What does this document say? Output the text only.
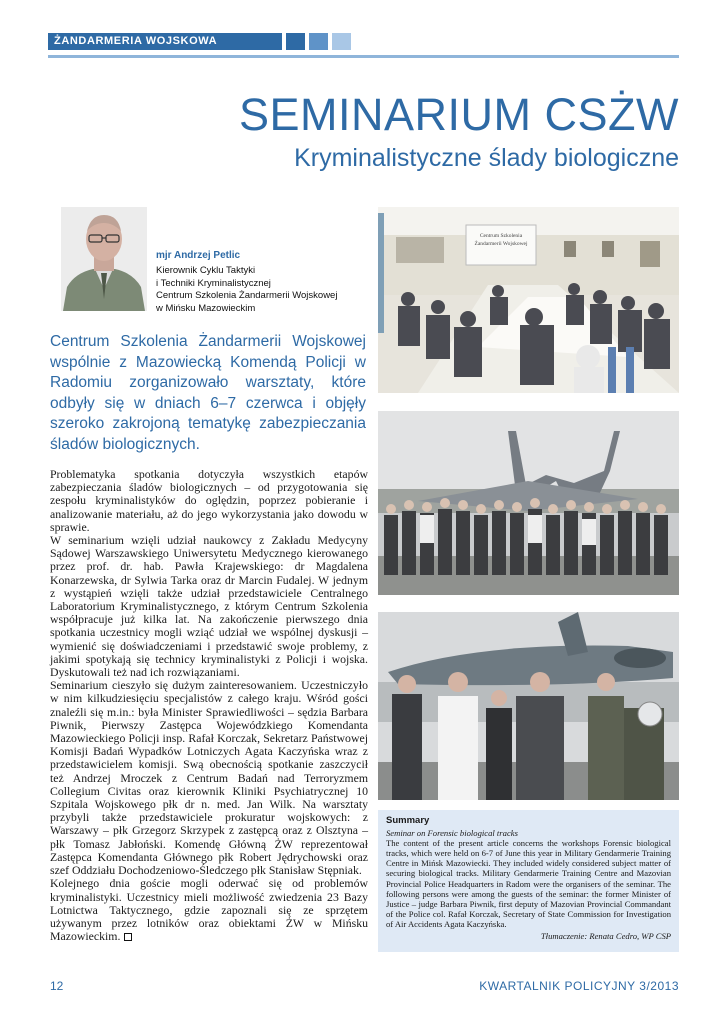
ŻANDARMERIA WOJSKOWA
SEMINARIUM CSŻW
Kryminalistyczne ślady biologiczne
mjr Andrzej Petlic
Kierownik Cyklu Taktyki
i Techniki Kryminalistycznej
Centrum Szkolenia Żandarmerii Wojskowej
w Mińsku Mazowieckim
Centrum Szkolenia Żandarmerii Wojskowej wspólnie z Mazowiecką Komendą Policji w Radomiu zorganizowało warsztaty, które odbyły się w dniach 6–7 czerwca i objęły szeroko zakrojoną tematykę zabezpieczania śladów biologicznych.

Problematyka spotkania dotyczyła wszystkich etapów zabezpieczania śladów biologicznych – od przygotowania się zespołu kryminalistyków do oględzin, poprzez pobieranie i analizowanie materiału, aż do jego wykorzystania jako dowodu w sprawie.

W seminarium wzięli udział naukowcy z Zakładu Medycyny Sądowej Warszawskiego Uniwersytetu Medycznego kierowanego przez prof. dr. hab. Pawła Krajewskiego: dr Magdalena Konarzewska, dr Sylwia Tarka oraz dr Marcin Fudalej. W jednym z wystąpień wzięli także udział przedstawiciele Centralnego Laboratorium Kryminalistycznego, z którym Centrum Szkolenia współpracuje już kilka lat. Na zakończenie pierwszego dnia spotkania uczestnicy mogli wziąć udział we wspólnej dyskusji – wymienić się doświadczeniami i przedstawić swoje problemy, z jakimi spotykają się technicy kryminalistyki z Policji i wojska. Dyskutowali też nad ich rozwiązaniami.

Seminarium cieszyło się dużym zainteresowaniem. Uczestniczyło w nim kilkudziesięciu specjalistów z całego kraju. Wśród gości znaleźli się m.in.: była Minister Sprawiedliwości – sędzia Barbara Piwnik, Pierwszy Zastępca Wojewódzkiego Komendanta Mazowieckiego Policji insp. Rafał Korczak, Sekretarz Państwowej Komisji Badań Wypadków Lotniczych Agata Kaczyńska wraz z przedstawicielem komisji. Swą obecnością spotkanie zaszczycił też Andrzej Mroczek z Centrum Badań nad Terroryzmem Collegium Civitas oraz kierownik Kliniki Psychiatrycznej 10 Szpitala Wojskowego płk dr n. med. Jan Wilk. Na warsztaty przybyli także przedstawiciele prokuratur wojskowych: z Warszawy – płk Grzegorz Skrzypek z zastępcą oraz z Olsztyna – płk Tomasz Jabłoński. Komendę Główną ŻW reprezentował Zastępca Komendanta Głównego płk Robert Jędrychowski oraz szef Oddziału Dochodzeniowo-Śledczego płk Stanisław Stępniak.

Kolejnego dnia goście mogli oderwać się od problemów kryminalistyki. Uczestnicy mieli możliwość zwiedzenia 23 Bazy Lotnictwa Taktycznego, gdzie zapoznali się ze sprzętem używanym przez lotników oraz obiektami ŻW w Mińsku Mazowieckim.

Centrum Szkolenia
Żandarmerii Wojskowej
Summary
Seminar on Forensic biological tracks
The content of the present article concerns the workshops Forensic biological tracks, which were held on 6-7 of June this year in Military Gendarmerie Training Centre in Mińsk Mazowiecki. They included widely considered subject matter of securing biological tracks. Military Gendarmerie Training Centre and Mazovian Provincial Police Headquarters in Radom were the organisers of the seminar. The following persons were among the guests of the seminar: the former Minister of Justice – judge Barbara Piwnik, first deputy of Mazovian Provincial Commandant of the Police col. Rafał Korczak, Secretary of State Commission for Investigation of Air Accidents Agata Kaczyńska.
Tłumaczenie: Renata Cedro, WP CSP
12	KWARTALNIK POLICYJNY 3/2013
